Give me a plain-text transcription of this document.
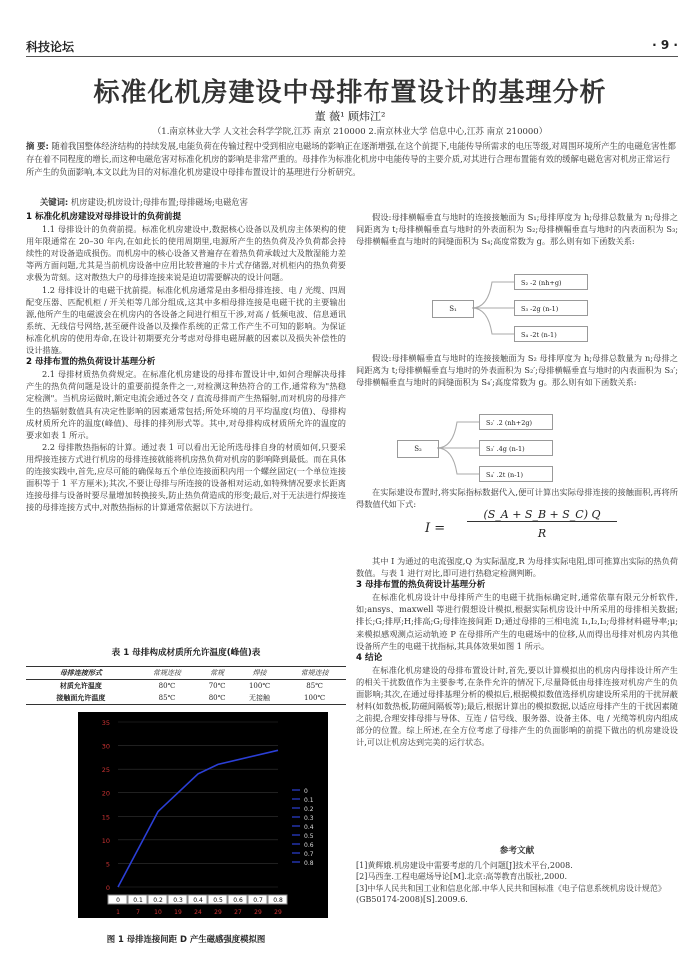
科技论坛	· 9 ·
标准化机房建设中母排布置设计的基理分析
董 薇¹ 顾炜江²
（1.南京林业大学 人文社会科学学院,江苏 南京 210000 2.南京林业大学 信息中心,江苏 南京 210000）
摘 要: 随着我国整体经济结构的持续发展,电能负荷在传输过程中受到相应电磁场的影响正在逐渐增强,在这个前提下,电能传导所需求的电压等级,对周围环境所产生的电磁危害性都存在着不同程度的增长,而这种电磁危害对标准化机房的影响是非常严重的。母排作为标准化机房中电能传导的主要介质,对其进行合理布置能有效的缓解电磁危害对机房正常运行所产生的负面影响,本文以此为目的对标准化机房建设中母排布置设计的基理进行分析研究。
关键词: 机房建设;机房设计;母排布置;母排磁场;电磁危害
1 标准化机房建设对母排设计的负荷前提

1.1 母排设计的负荷前提。标准化机房建设中,数据核心设备以及机房主体架构的使用年限通常在 20–30 年内,在如此长的使用周期里,电源所产生的热负荷及冷负荷都会持续性的对设备造成损伤。而机房中的核心设备又普遍存在着热负荷承载过大及散湿能力差等两方面问题,尤其是当前机房设备中应用比较普遍的卡片式存储器,对机柜内的热负荷要求极为苛刻。这对散热大户的母排连接来说是迫切需要解决的设计问题。

1.2 母排设计的电磁干扰前提。标准化机房通常是由多相母排连接、电 / 光缆、四周配变压器、匹配机柜 / 开关柜等几部分组成,这其中多相母排连接是电磁干扰的主要输出源,他所产生的电磁波会在机房内的各设备之间进行相互干涉,对高 / 低频电波、信息通讯系统、无线信号网络,甚至硬件设备以及操作系统的正常工作产生不可知的影响。为保证标准化机房的使用寿命,在设计初期要充分考虑对母排电磁屏蔽的因素以及损失补偿性的设计措施。

2 母排布置的热负荷设计基理分析

2.1 母排材质热负荷规定。在标准化机房建设的母排布置设计中,如何合理解决母排产生的热负荷问题是设计的重要前提条件之一,对检测这种热符合的工作,通常称为"热稳定检测"。当机房运做时,额定电流会通过各交 / 直流母排而产生热辐射,而对机房的母排产生的热辐射数值具有决定性影响的因素通常包括;所处环境的月平均温度(均值)、母排构成材质所允许的温度(峰值)、母排的排列形式等。其中,对母排构成材质所允许的温度的要求如表 1 所示。

2.2 母排散热指标的计算。通过表 1 可以看出无论所选母排自身的材质如何,只要采用焊接连接方式进行机房的母排连接就能将机房热负荷对机房的影响降到最低。而在具体的连接实践中,首先,应尽可能的确保每五个单位连接面积内用一个螺丝固定(一个单位连接面积等于 1 平方厘米);其次,不要让母排与所连接的设备相对运动,如特殊情况要求长距离连接母排与设备时要尽量增加转换接头,防止热负荷造成的形变;最后,对于无法进行焊接连接的母排连接方式中,对散热指标的计算通常依据以下方法进行。

表 1 母排构成材质所允许温度(峰值)表
母排连接形式	常规连接	常规	焊接	常规连接
材质允许温度	80℃	70℃	100℃	85℃
接触面允许温度	85℃	80℃	无接触	100℃
35
30
25
20
15
10
5
0
0 0.1 0.2 0.3 0.4 0.5 0.6 0.7 0.8
1	7 10 19 24 29 27 29 29
0
0.1
0.2
0.3
0.4
0.5
0.6
0.7
0.8
图 1 母排连接间距 D 产生磁感强度模拟图

假设:母排横幅垂直与地时的连接接触面为 S₁;母排厚度为 h;母排总数量为 n;母排之间距离为 t;母排横幅垂直与地时的外表面积为 S₂;母排横幅垂直与地时的内表面积为 S₃;母排横幅垂直与地时的间缝面积为 S₄;高度常数为 g。那么则有如下函数关系:

S₁
S₂ -2 (nh+g)
S₃ -2g (n-1)
S₄ -2t (n-1)

假设:母排横幅垂直与地时的连接接触面为 S₂ 母排厚度为 h;母排总数量为 n;母排之间距离为 t;母排横幅垂直与地时的外表面积为 S₂′;母排横幅垂直与地时的内表面积为 S₃′;母排横幅垂直与地时的间缝面积为 S₄′;高度常数为 g。那么则有如下函数关系:

S₂
S₂′ .2 (nh+2g)
S₃′ .4g (n-1)
S₄′ .2t (n-1)

在实际建设布置时,将实际指标数据代入,便可计算出实际母排连接的接触面积,再将所得数值代如下式:

I =
(S_A + S_B + S_C) Q
R

其中 I 为通过的电流强度,Q 为实际温度,R 为母排实际电阻,即可推算出实际的热负荷数值。与表 1 进行对比,即可进行热稳定检测判断。

3 母排布置的热负荷设计基理分析

在标准化机房设计中母排所产生的电磁干扰指标确定时,通常依靠有限元分析软件,如;ansys、maxwell 等进行假想设计模拟,根据实际机房设计中所采用的母排相关数据;排长;G;排厚;H;排高;G;母排连接间距 D;通过母排的三相电流 I₁,I₂,I₃;母排材料磁导率;μ;来模拟感观测点运动轨迹 P 在母排所产生的电磁场中的位移,从而得出母排对机房内其他设备所产生的电磁干扰指标,其具体效果如图 1 所示。

4 结论

在标准化机房建设的母排布置设计时,首先,要以计算模拟出的机房内母排设计所产生的相关干扰数值作为主要参考,在条件允许的情况下,尽量降低由母排连接对机房产生的负面影响;其次,在通过母排基理分析的模拟后,根据模拟数值选择机房建设所采用的干扰屏蔽材料(如数热板,防磁间隔板等);最后,根据计算出的模拟数据,以适应母排产生的干扰因素随之前提,合理安排母排与导体、互连 / 信号线、服务器、设备主体、电 / 光缆等机房内组成部分的位置。综上所述,在全方位考虑了母排产生的负面影响的前提下做出的机房建设设计,可以让机房达到完美的运行状态。

参考文献

[1]黄辉娥.机房建设中需要考虑的几个问题[J]技术平台,2008.

[2]马西奎.工程电磁场导论[M].北京:高等教育出版社,2000.

[3]中华人民共和国工业和信息化部.中华人民共和国标准《电子信息系统机房设计规范》(GB50174-2008)[S].2009.6.
